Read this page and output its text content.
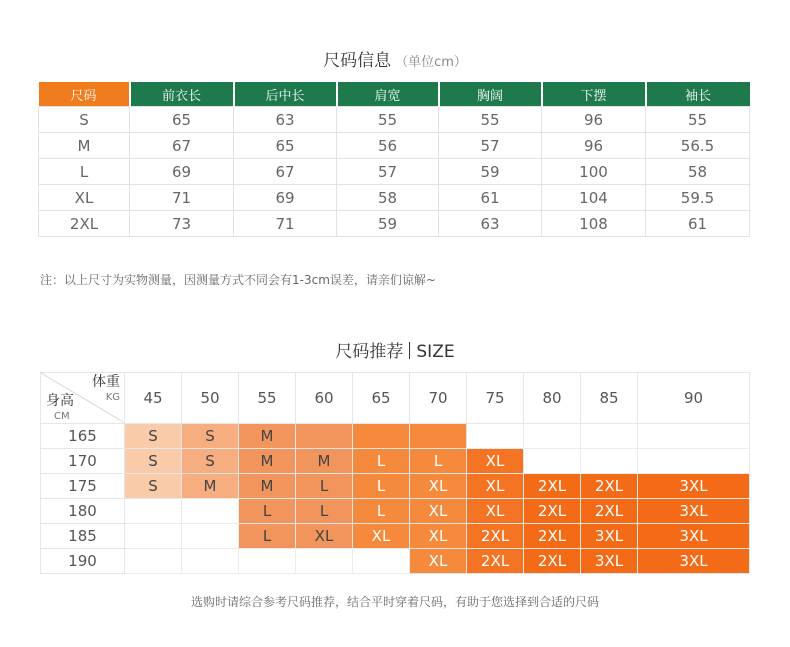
尺码信息 （单位cm）
尺码	前衣长	后中长	肩宽	胸阔	下摆	袖长
S	65	63	55	55	96	55
M	67	65	56	57	96	56.5
L	69	67	57	59	100	58
XL	71	69	58	61	104	59.5
2XL	73	71	59	63	108	61
注：以上尺寸为实物测量，因测量方式不同会有1-3cm误差，请亲们谅解~
尺码推荐 SIZE
体重
KG
身高
CM	45	50	55	60	65	70	75	80	85	90
165	S	S	M							
170	S	S	M	M	L	L	XL			
175	S	M	M	L	L	XL	XL	2XL	2XL	3XL
180			L	L	L	XL	XL	2XL	2XL	3XL
185			L	XL	XL	XL	2XL	2XL	3XL	3XL
190						XL	2XL	2XL	3XL	3XL
选购时请综合参考尺码推荐，结合平时穿着尺码，有助于您选择到合适的尺码
